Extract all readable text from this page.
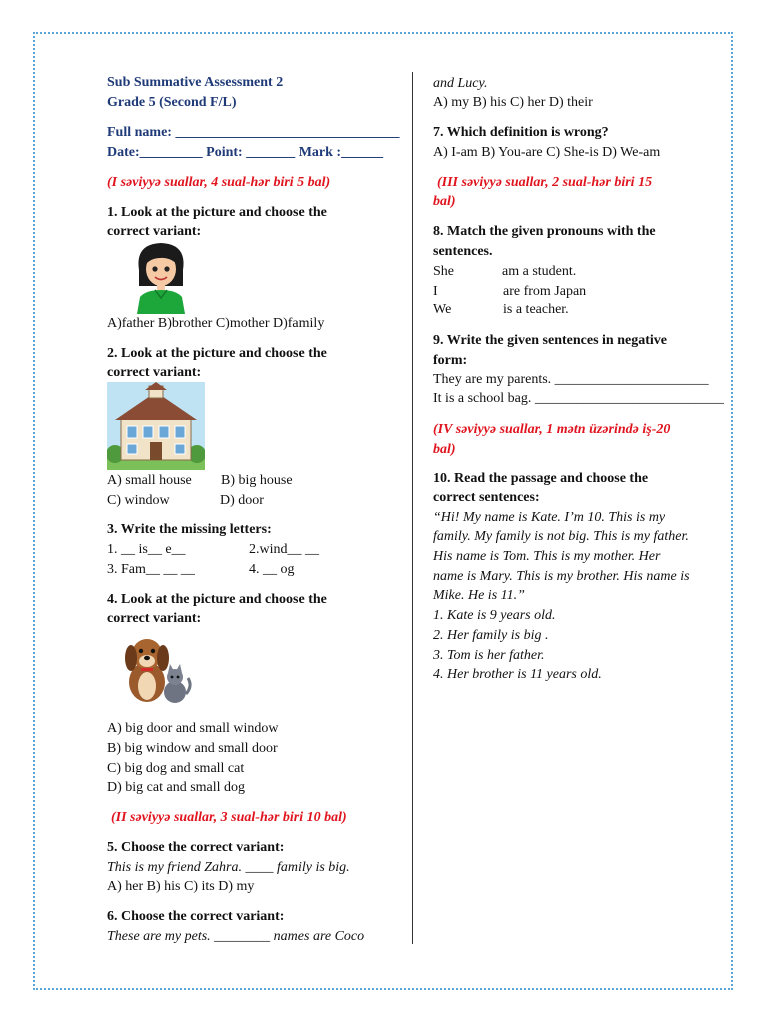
Sub Summative Assessment 2
Grade 5 (Second F/L)
Full name: ________________________________
Date:_________ Point: _______ Mark :______
(I səviyyə suallar, 4 sual-hər biri 5 bal)
1. Look at the picture and choose the
correct variant:
A)father B)brother C)mother D)family
2. Look at the picture and choose the
correct variant:
A) small house B) big house
C) window	D) door
3. Write the missing letters:
1. __ is__ e__	2.wind__ __
3. Fam__ __ __	4. __ og
4. Look at the picture and choose the
correct variant:
A) big door and small window
B) big window and small door
C) big dog and small cat
D) big cat and small dog
(II səviyyə suallar, 3 sual-hər biri 10 bal)
5. Choose the correct variant:
This is my friend Zahra. ____ family is big.
A) her B) his C) its D) my
6. Choose the correct variant:
These are my pets. ________ names are Coco
and Lucy.
A) my B) his C) her D) their
7. Which definition is wrong?
A) I-am B) You-are C) She-is D) We-am
(III səviyyə suallar, 2 sual-hər biri 15
bal)
8. Match the given pronouns with the
sentences.
She	am a student.
I	are from Japan
We	is a teacher.
9. Write the given sentences in negative
form:
They are my parents. ______________________
It is a school bag. ___________________________
(IV səviyyə suallar, 1 mətn üzərində iş-20
bal)
10. Read the passage and choose the
correct sentences:
“Hi! My name is Kate. I’m 10. This is my
family. My family is not big. This is my father.
His name is Tom. This is my mother. Her
name is Mary. This is my brother. His name is
Mike. He is 11.”
1. Kate is 9 years old.
2. Her family is big .
3. Tom is her father.
4. Her brother is 11 years old.
